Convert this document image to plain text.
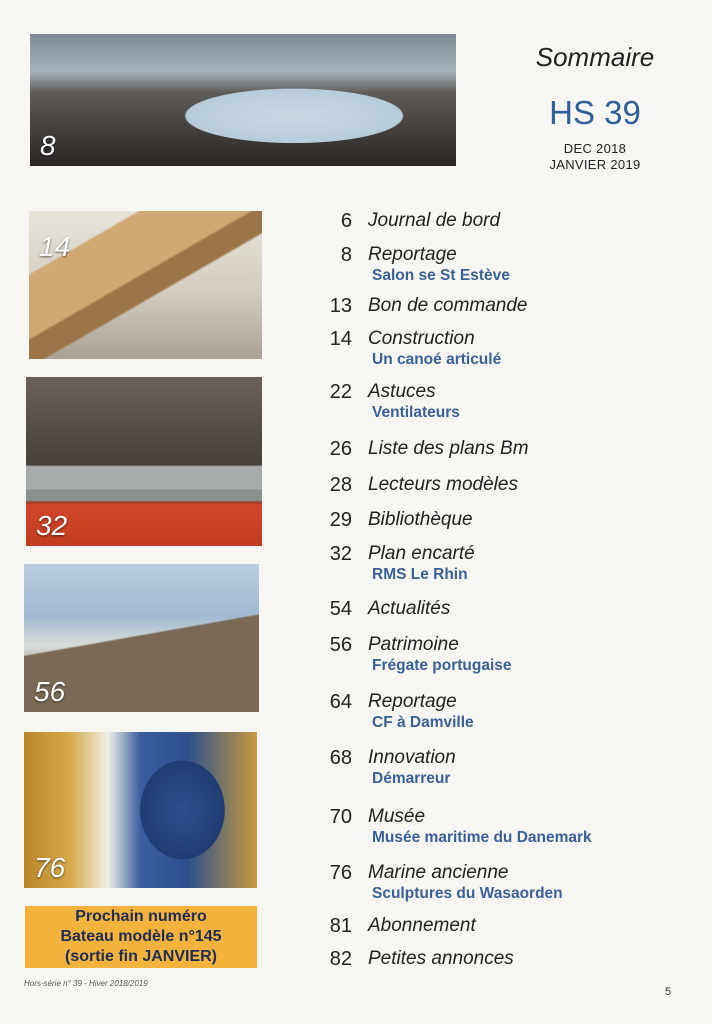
8
14
32
56
76
Sommaire
HS 39
DEC 2018
JANVIER 2019
6 Journal de bord
8 Reportage
Salon se St Estève
13 Bon de commande
14 Construction
Un canoé articulé
22 Astuces
Ventilateurs
26 Liste des plans Bm
28 Lecteurs modèles
29 Bibliothèque
32 Plan encarté
RMS Le Rhin
54 Actualités
56 Patrimoine
Frégate portugaise
64 Reportage
CF à Damville
68 Innovation
Démarreur
70 Musée
Musée maritime du Danemark
76 Marine ancienne
Sculptures du Wasaorden
81 Abonnement
82 Petites annonces
Prochain numéro
Bateau modèle n°145
(sortie fin JANVIER)
Hors-série n° 39 - Hiver 2018/2019
5
